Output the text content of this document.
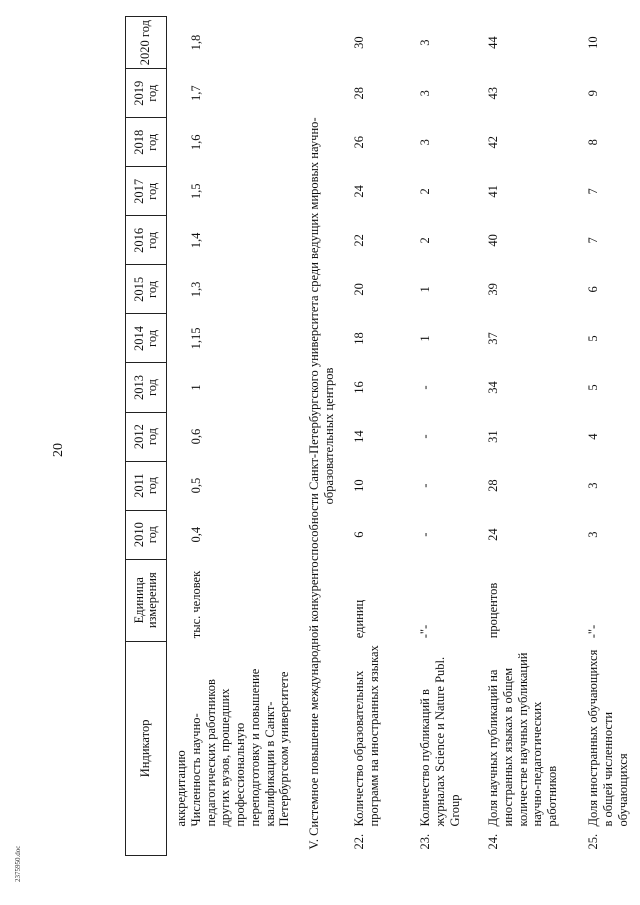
20
2375950.doc
Индикатор		Единица измерения	2010 год	2011 год	2012 год	2013 год	2014 год	2015 год	2016 год	2017 год	2018 год	2019 год	2020 год

	аккредитацию Численность научно-педагогических работников других вузов, прошедших профессиональную переподготовку и повышение квалификации в Санкт-Петербургском университете	тыс. человек	0,4	0,5	0,6	1	1,15	1,3	1,4	1,5	1,6	1,7	1,8
V. Системное повышение международной конкурентоспособности Санкт-Петербургского университета среди ведущих мировых научно- образовательных центров													

22.	Количество образовательных программ на иностранных языках	единиц	6	10	14	16	18	20	22	24	26	28	30
23.	Количество публикаций в журналах Science и Nature Publ. Group	-"-	-	-	-	-	1	1	2	2	3	3	3
24.	Доля научных публикаций на иностранных языках в общем количестве научных публикаций научно-педагогических работников	процентов	24	28	31	34	37	39	40	41	42	43	44
25.	Доля иностранных обучающихся в общей численности обучающихся	-"-	3	3	4	5	5	6	7	7	8	9	10
